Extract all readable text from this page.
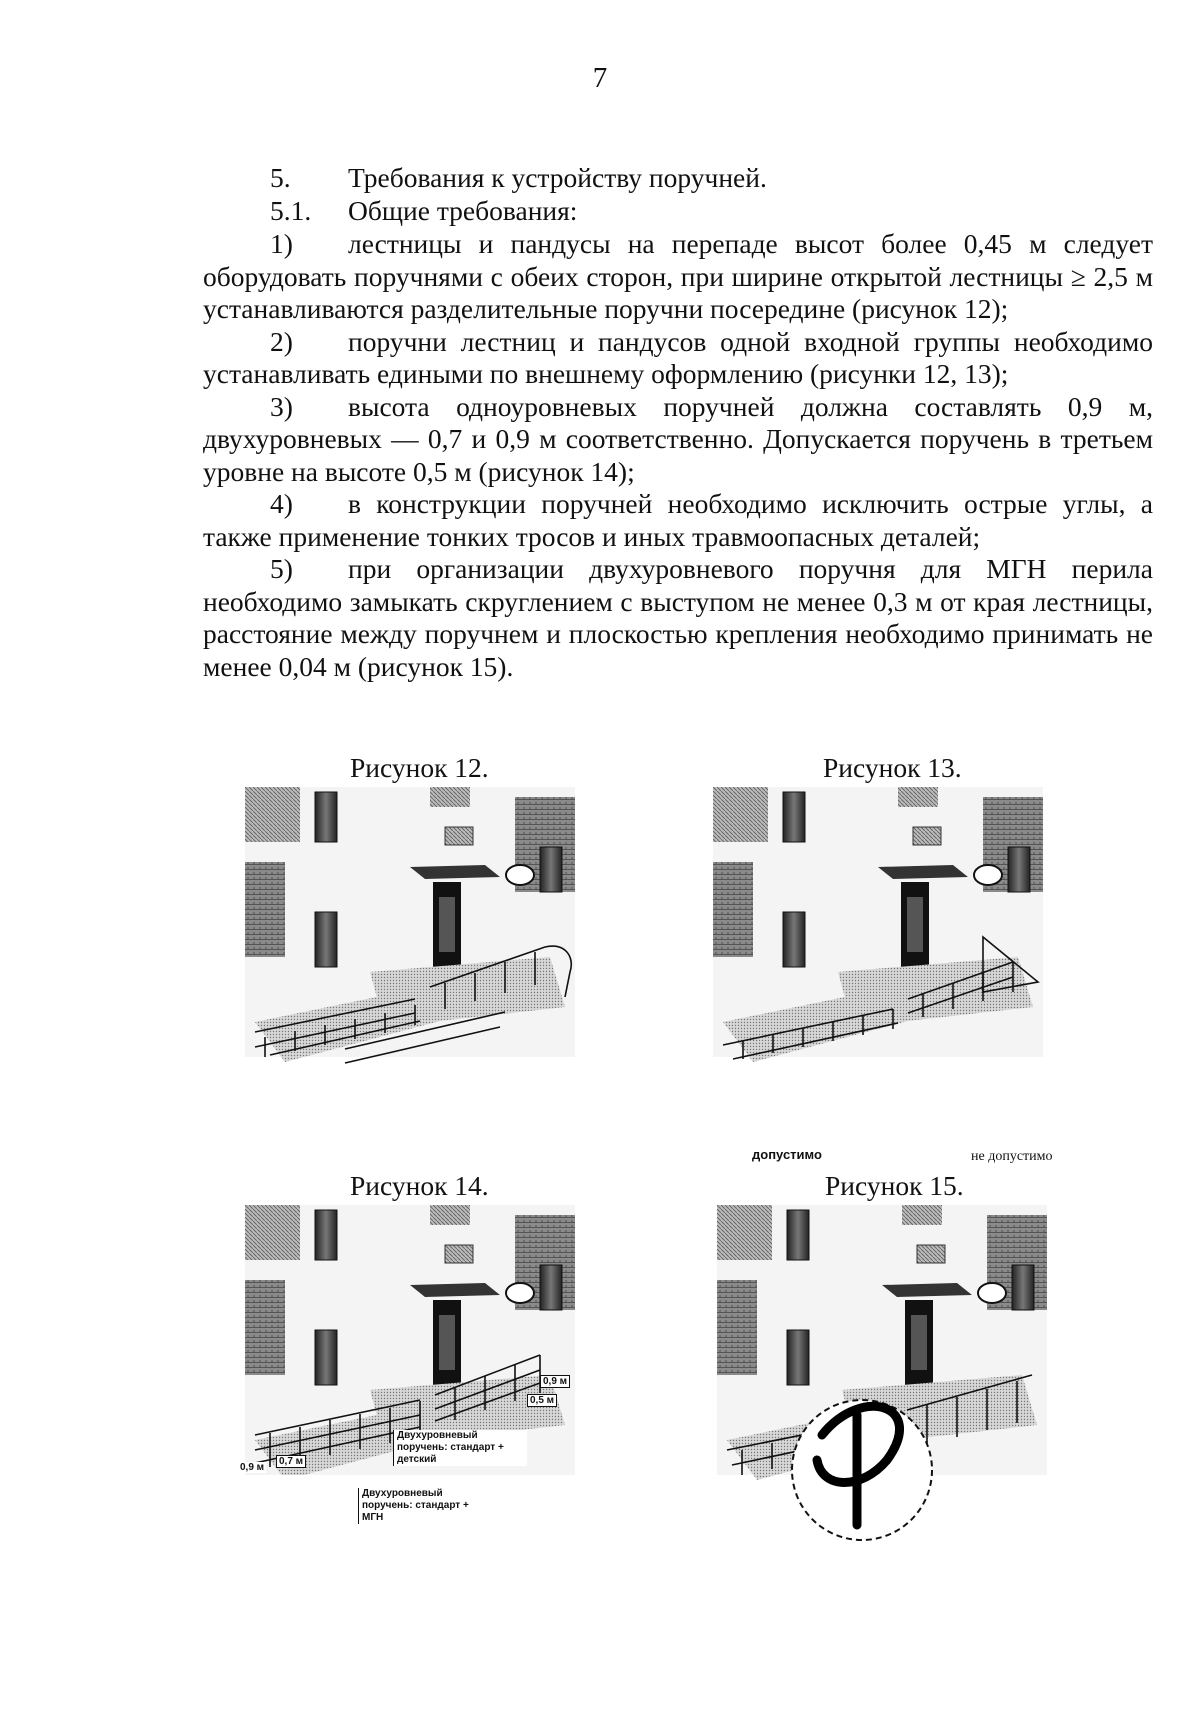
7
5. Требования к устройству поручней.
5.1. Общие требования:
1) лестницы и пандусы на перепаде высот более 0,45 м следует оборудовать поручнями с обеих сторон, при ширине открытой лестницы ≥ 2,5 м устанавливаются разделительные поручни посередине (рисунок 12);
2) поручни лестниц и пандусов одной входной группы необходимо устанавливать едиными по внешнему оформлению (рисунки 12, 13);
3) высота одноуровневых поручней должна составлять 0,9 м, двухуровневых — 0,7 и 0,9 м соответственно. Допускается поручень в третьем уровне на высоте 0,5 м (рисунок 14);
4) в конструкции поручней необходимо исключить острые углы, а также применение тонких тросов и иных травмоопасных деталей;
5) при организации двухуровневого поручня для МГН перила необходимо замыкать скруглением с выступом не менее 0,3 м от края лестницы, расстояние между поручнем и плоскостью крепления необходимо принимать не менее 0,04 м (рисунок 15).
Рисунок 12.	Рисунок 13.
допустимо	не допустимо
Рисунок 14.
0,9 м
0,5 м
Двухуровневый поручень: стандарт + детский
0,9 м
0,7 м
Двухуровневый поручень: стандарт + МГН
Рисунок 15.
